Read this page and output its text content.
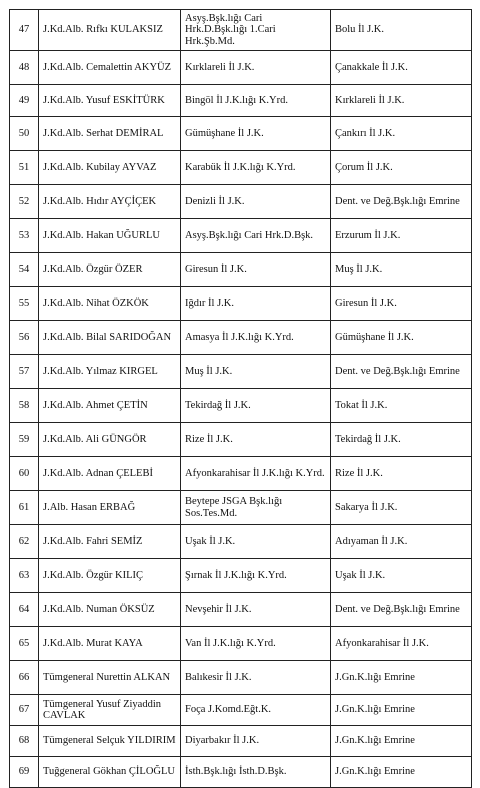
47	J.Kd.Alb. Rıfkı KULAKSIZ	Asyş.Bşk.lığı Cari Hrk.D.Bşk.lığı 1.Cari Hrk.Şb.Md.	Bolu İl J.K.
48	J.Kd.Alb. Cemalettin AKYÜZ	Kırklareli İl J.K.	Çanakkale İl J.K.
49	J.Kd.Alb. Yusuf ESKİTÜRK	Bingöl İl J.K.lığı K.Yrd.	Kırklareli İl J.K.
50	J.Kd.Alb. Serhat DEMİRAL	Gümüşhane İl J.K.	Çankırı İl J.K.
51	J.Kd.Alb. Kubilay AYVAZ	Karabük İl J.K.lığı K.Yrd.	Çorum İl J.K.
52	J.Kd.Alb. Hıdır AYÇİÇEK	Denizli İl J.K.	Dent. ve Değ.Bşk.lığı Emrine
53	J.Kd.Alb. Hakan UĞURLU	Asyş.Bşk.lığı Cari Hrk.D.Bşk.	Erzurum İl J.K.
54	J.Kd.Alb. Özgür ÖZER	Giresun İl J.K.	Muş İl J.K.
55	J.Kd.Alb. Nihat ÖZKÖK	Iğdır İl J.K.	Giresun İl J.K.
56	J.Kd.Alb. Bilal SARIDOĞAN	Amasya İl J.K.lığı K.Yrd.	Gümüşhane İl J.K.
57	J.Kd.Alb. Yılmaz KIRGEL	Muş İl J.K.	Dent. ve Değ.Bşk.lığı Emrine
58	J.Kd.Alb. Ahmet ÇETİN	Tekirdağ İl J.K.	Tokat İl J.K.
59	J.Kd.Alb. Ali GÜNGÖR	Rize İl J.K.	Tekirdağ İl J.K.
60	J.Kd.Alb. Adnan ÇELEBİ	Afyonkarahisar İl J.K.lığı K.Yrd.	Rize İl J.K.
61	J.Alb. Hasan ERBAĞ	Beytepe JSGA Bşk.lığı Sos.Tes.Md.	Sakarya İl J.K.
62	J.Kd.Alb. Fahri SEMİZ	Uşak İl J.K.	Adıyaman İl J.K.
63	J.Kd.Alb. Özgür KILIÇ	Şırnak İl J.K.lığı K.Yrd.	Uşak İl J.K.
64	J.Kd.Alb. Numan ÖKSÜZ	Nevşehir İl J.K.	Dent. ve Değ.Bşk.lığı Emrine
65	J.Kd.Alb. Murat KAYA	Van İl J.K.lığı K.Yrd.	Afyonkarahisar İl J.K.
66	Tümgeneral Nurettin ALKAN	Balıkesir İl J.K.	J.Gn.K.lığı Emrine
67	Tümgeneral Yusuf Ziyaddin CAVLAK	Foça J.Komd.Eğt.K.	J.Gn.K.lığı Emrine
68	Tümgeneral Selçuk YILDIRIM	Diyarbakır İl J.K.	J.Gn.K.lığı Emrine
69	Tuğgeneral Gökhan ÇİLOĞLU	İsth.Bşk.lığı İsth.D.Bşk.	J.Gn.K.lığı Emrine
